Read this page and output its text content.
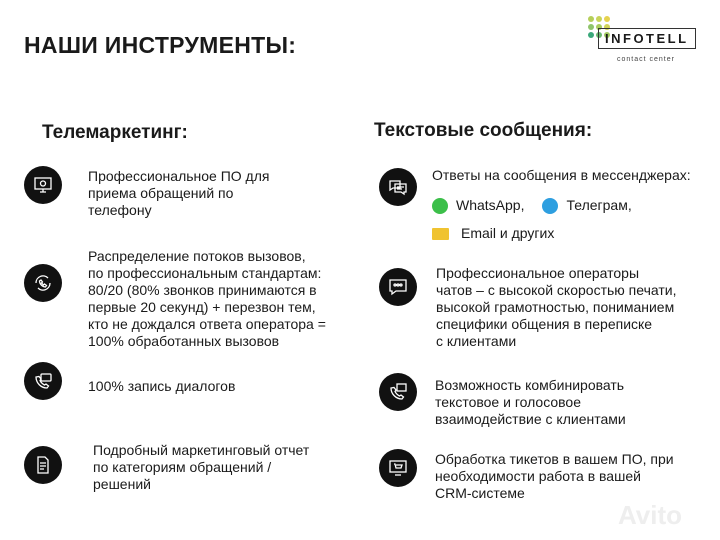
НАШИ ИНСТРУМЕНТЫ:	INFOTELL
contact center
Телемаркетинг:	Текстовые сообщения:
Профессиональное ПО для
приема обращений по
телефону
Распределение потоков вызовов,
по профессиональным стандартам:
80/20 (80% звонков принимаются в
первые 20 секунд) + перезвон тем,
кто не дождался ответа оператора =
100% обработанных вызовов
100% запись диалогов
Подробный маркетинговый отчет
по категориям обращений /
решений
Ответы на сообщения в мессенджерах:
WhatsApp,	Телеграм,
Email и других
Профессиональное операторы
чатов – с высокой скоростью печати,
высокой грамотностью, пониманием
специфики общения в переписке
с клиентами
Возможность комбинировать
текстовое и голосовое
взаимодействие с клиентами
Обработка тикетов в вашем ПО, при
необходимости работа в вашей
CRM-системе
Avito
